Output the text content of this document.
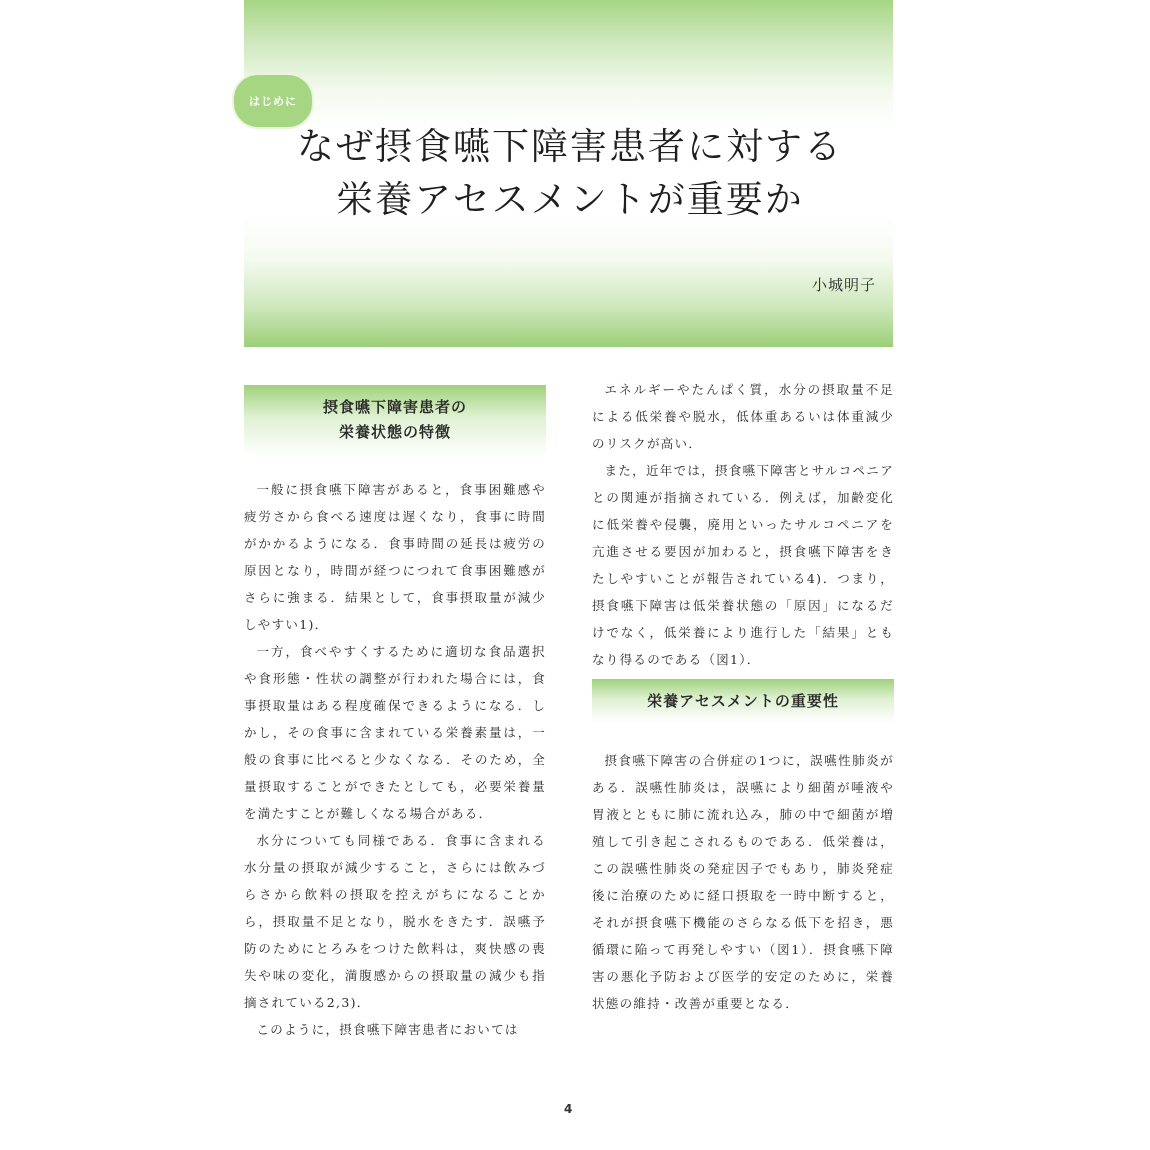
はじめに
なぜ摂食嚥下障害患者に対する
栄養アセスメントが重要か
小城明子
摂食嚥下障害患者の
栄養状態の特徴

一般に摂食嚥下障害があると，食事困難感や疲労さから食べる速度は遅くなり，食事に時間がかかるようになる．食事時間の延長は疲労の原因となり，時間が経つにつれて食事困難感がさらに強まる．結果として，食事摂取量が減少しやすい1)．

一方，食べやすくするために適切な食品選択や食形態・性状の調整が行われた場合には，食事摂取量はある程度確保できるようになる．しかし，その食事に含まれている栄養素量は，一般の食事に比べると少なくなる．そのため，全量摂取することができたとしても，必要栄養量を満たすことが難しくなる場合がある．

水分についても同様である．食事に含まれる水分量の摂取が減少すること，さらには飲みづらさから飲料の摂取を控えがちになることから，摂取量不足となり，脱水をきたす．誤嚥予防のためにとろみをつけた飲料は，爽快感の喪失や味の変化，満腹感からの摂取量の減少も指摘されている2,3)．

このように，摂食嚥下障害患者においては

エネルギーやたんぱく質，水分の摂取量不足による低栄養や脱水，低体重あるいは体重減少のリスクが高い．

また，近年では，摂食嚥下障害とサルコペニアとの関連が指摘されている．例えば，加齢変化に低栄養や侵襲，廃用といったサルコペニアを亢進させる要因が加わると，摂食嚥下障害をきたしやすいことが報告されている4)．つまり，摂食嚥下障害は低栄養状態の「原因」になるだけでなく，低栄養により進行した「結果」ともなり得るのである（図1）．

栄養アセスメントの重要性

摂食嚥下障害の合併症の1つに，誤嚥性肺炎がある．誤嚥性肺炎は，誤嚥により細菌が唾液や胃液とともに肺に流れ込み，肺の中で細菌が増殖して引き起こされるものである．低栄養は，この誤嚥性肺炎の発症因子でもあり，肺炎発症後に治療のために経口摂取を一時中断すると，それが摂食嚥下機能のさらなる低下を招き，悪循環に陥って再発しやすい（図1）．摂食嚥下障害の悪化予防および医学的安定のために，栄養状態の維持・改善が重要となる．

4
